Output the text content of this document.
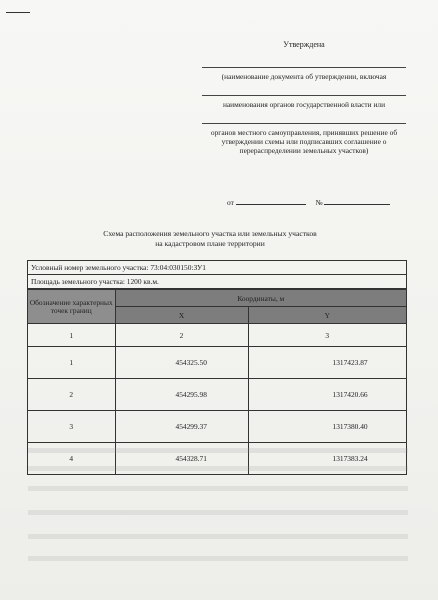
Утверждена
(наименование документа об утверждении, включая
наименования органов государственной власти или
органов местного самоуправления, принявших решение об утверждении схемы или подписавших соглашение о перераспределении земельных участков)
от	№
Схема расположения земельного участка или земельных участков
на кадастровом плане территории
Условный номер земельного участка: 73:04:030150:ЗУ1
Площадь земельного участка: 1200 кв.м.
Обозначение характерных точек границ	Координаты, м	
	X	Y
1	2	3
1	454325.50	1317423.87
2	454295.98	1317420.66
3	454299.37	1317380.40
4	454328.71	1317383.24
